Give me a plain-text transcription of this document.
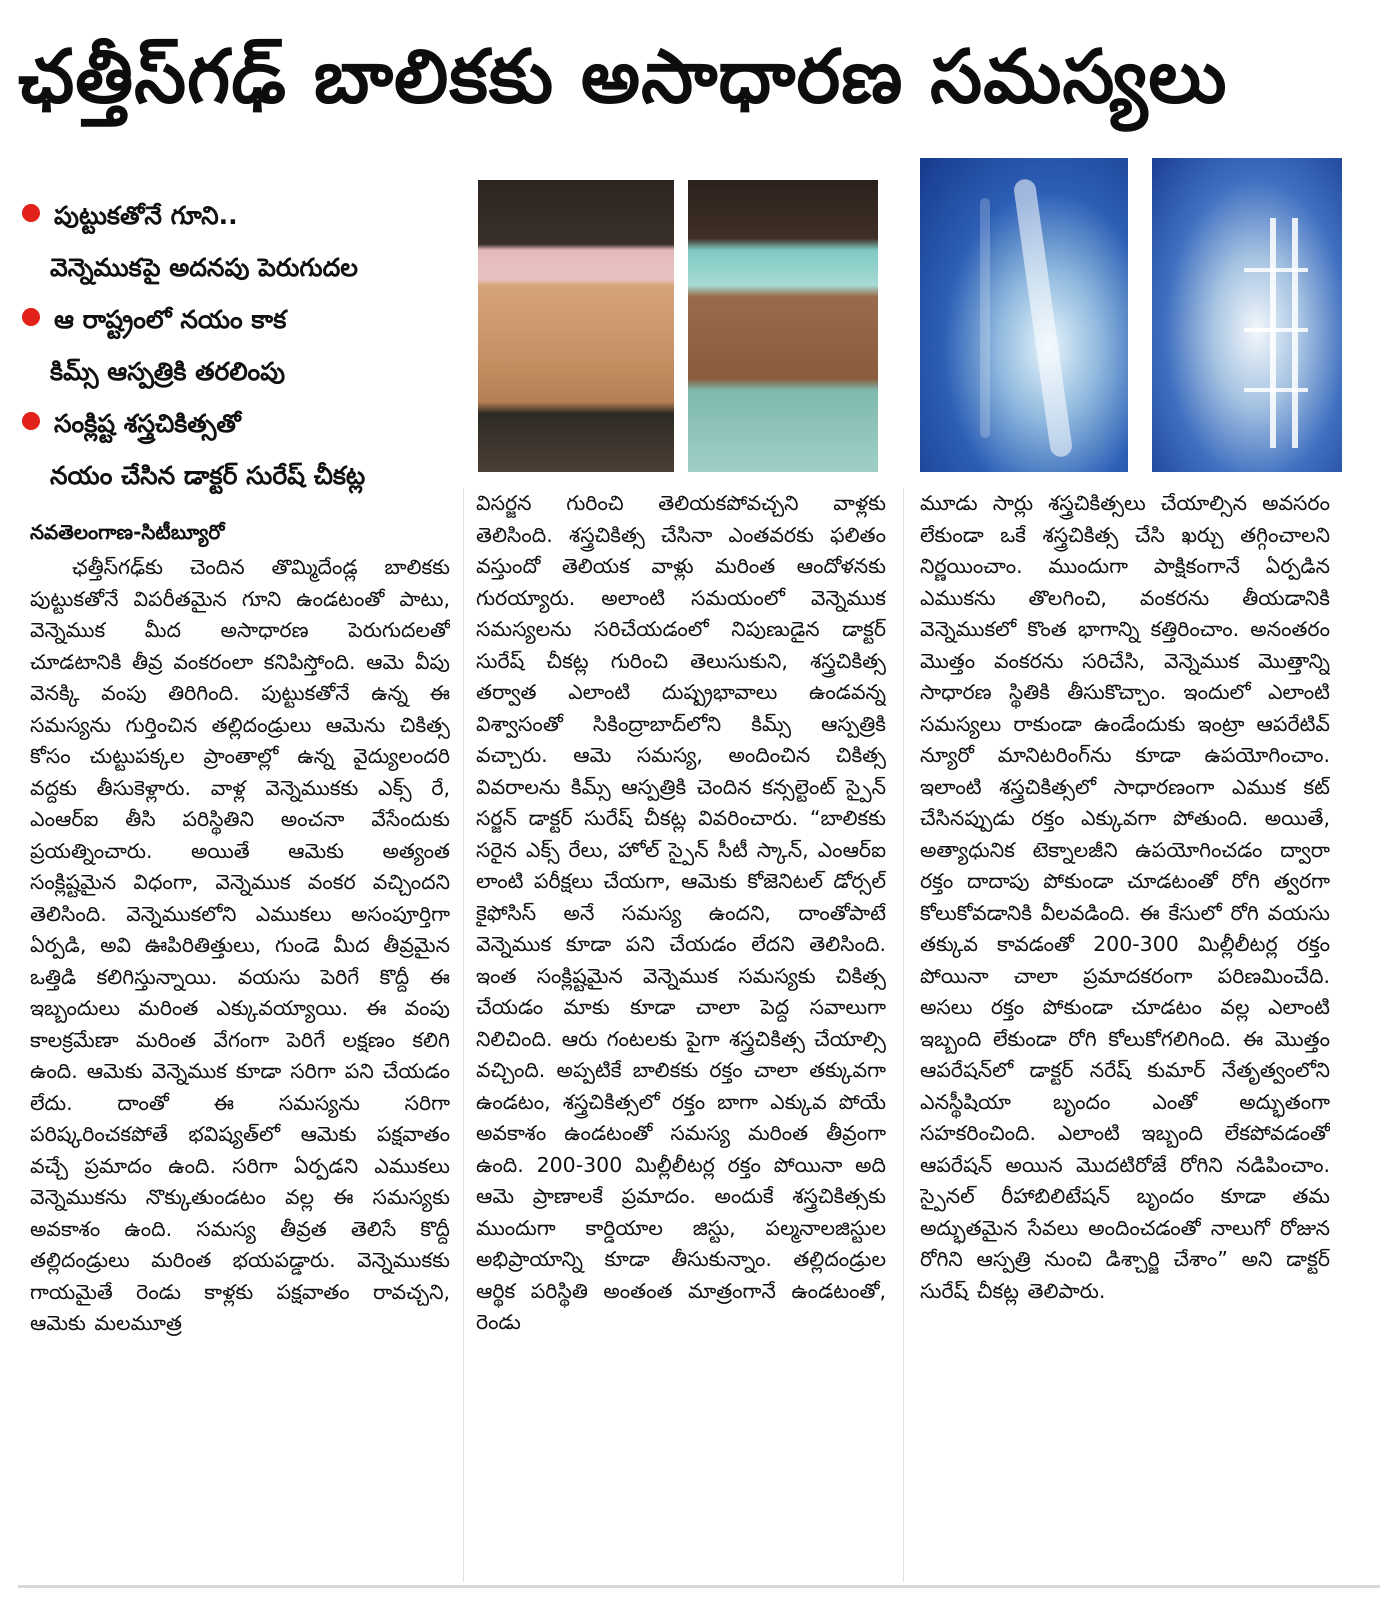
ఛత్తీస్‌గఢ్ బాలికకు అసాధారణ సమస్యలు
పుట్టుకతోనే గూని..
వెన్నెముకపై అదనపు పెరుగుదల
ఆ రాష్ట్రంలో నయం కాక
కిమ్స్ ఆస్పత్రికి తరలింపు
సంక్లిష్ట శస్త్రచికిత్సతో
నయం చేసిన డాక్టర్ సురేష్ చీకట్ల
నవతెలంగాణ-సిటీబ్యూరో
ఛత్తీస్‌గఢ్‌కు చెందిన తొమ్మిదేండ్ల బాలికకు పుట్టుకతోనే విపరీతమైన గూని ఉండటంతో పాటు, వెన్నెముక మీద అసాధారణ పెరుగుదలతో చూడటానికి తీవ్ర వంకరంలా కనిపిస్తోంది. ఆమె వీపు వెనక్కి వంపు తిరిగింది. పుట్టుకతోనే ఉన్న ఈ సమస్యను గుర్తించిన తల్లిదండ్రులు ఆమెను చికిత్స కోసం చుట్టుపక్కల ప్రాంతాల్లో ఉన్న వైద్యులందరి వద్దకు తీసుకెళ్లారు. వాళ్ల వెన్నెముకకు ఎక్స్ రే, ఎంఆర్ఐ తీసి పరిస్థితిని అంచనా వేసేందుకు ప్రయత్నించారు. అయితే ఆమెకు అత్యంత సంక్లిష్టమైన విధంగా, వెన్నెముక వంకర వచ్చిందని తెలిసింది. వెన్నెముకలోని ఎముకలు అసంపూర్తిగా ఏర్పడి, అవి ఊపిరితిత్తులు, గుండె మీద తీవ్రమైన ఒత్తిడి కలిగిస్తున్నాయి. వయసు పెరిగే కొద్దీ ఈ ఇబ్బందులు మరింత ఎక్కువయ్యాయి. ఈ వంపు కాలక్రమేణా మరింత వేగంగా పెరిగే లక్షణం కలిగి ఉంది. ఆమెకు వెన్నెముక కూడా సరిగా పని చేయడం లేదు. దాంతో ఈ సమస్యను సరిగా పరిష్కరించకపోతే భవిష్యత్‌లో ఆమెకు పక్షవాతం వచ్చే ప్రమాదం ఉంది. సరిగా ఏర్పడని ఎముకలు వెన్నెముకను నొక్కుతుండటం వల్ల ఈ సమస్యకు అవకాశం ఉంది. సమస్య తీవ్రత తెలిసే కొద్దీ తల్లిదండ్రులు మరింత భయపడ్డారు. వెన్నెముకకు గాయమైతే రెండు కాళ్లకు పక్షవాతం రావచ్చని, ఆమెకు మలమూత్ర
విసర్జన గురించి తెలియకపోవచ్చని వాళ్లకు తెలిసింది. శస్త్రచికిత్స చేసినా ఎంతవరకు ఫలితం వస్తుందో తెలియక వాళ్లు మరింత ఆందోళనకు గురయ్యారు. అలాంటి సమయంలో వెన్నెముక సమస్యలను సరిచేయడంలో నిపుణుడైన డాక్టర్ సురేష్ చీకట్ల గురించి తెలుసుకుని, శస్త్రచికిత్స తర్వాత ఎలాంటి దుష్ప్రభావాలు ఉండవన్న విశ్వాసంతో సికింద్రాబాద్‌లోని కిమ్స్ ఆస్పత్రికి వచ్చారు. ఆమె సమస్య, అందించిన చికిత్స వివరాలను కిమ్స్ ఆస్పత్రికి చెందిన కన్సల్టెంట్ స్పైన్ సర్జన్ డాక్టర్ సురేష్ చీకట్ల వివరించారు. “బాలికకు సరైన ఎక్స్ రేలు, హోల్ స్పైన్ సీటీ స్కాన్, ఎంఆర్ఐ లాంటి పరీక్షలు చేయగా, ఆమెకు కోజెనిటల్ డోర్సల్ కైఫోసిస్ అనే సమస్య ఉందని, దాంతోపాటే వెన్నెముక కూడా పని చేయడం లేదని తెలిసింది. ఇంత సంక్లిష్టమైన వెన్నెముక సమస్యకు చికిత్స చేయడం మాకు కూడా చాలా పెద్ద సవాలుగా నిలిచింది. ఆరు గంటలకు పైగా శస్త్రచికిత్స చేయాల్సి వచ్చింది. అప్పటికే బాలికకు రక్తం చాలా తక్కువగా ఉండటం, శస్త్రచికిత్సలో రక్తం బాగా ఎక్కువ పోయే అవకాశం ఉండటంతో సమస్య మరింత తీవ్రంగా ఉంది. 200-300 మిల్లీలీటర్ల రక్తం పోయినా అది ఆమె ప్రాణాలకే ప్రమాదం. అందుకే శస్త్రచికిత్సకు ముందుగా కార్డియాల జిస్టు, పల్మనాలజిస్టుల అభిప్రాయాన్ని కూడా తీసుకున్నాం. తల్లిదండ్రుల ఆర్థిక పరిస్థితి అంతంత మాత్రంగానే ఉండటంతో, రెండు
మూడు సార్లు శస్త్రచికిత్సలు చేయాల్సిన అవసరం లేకుండా ఒకే శస్త్రచికిత్స చేసి ఖర్చు తగ్గించాలని నిర్ణయించాం. ముందుగా పాక్షికంగానే ఏర్పడిన ఎముకను తొలగించి, వంకరను తీయడానికి వెన్నెముకలో కొంత భాగాన్ని కత్తిరించాం. అనంతరం మొత్తం వంకరను సరిచేసి, వెన్నెముక మొత్తాన్ని సాధారణ స్థితికి తీసుకొచ్చాం. ఇందులో ఎలాంటి సమస్యలు రాకుండా ఉండేందుకు ఇంట్రా ఆపరేటివ్ న్యూరో మానిటరింగ్‌ను కూడా ఉపయోగించాం. ఇలాంటి శస్త్రచికిత్సలో సాధారణంగా ఎముక కట్ చేసినప్పుడు రక్తం ఎక్కువగా పోతుంది. అయితే, అత్యాధునిక టెక్నాలజీని ఉపయోగించడం ద్వారా రక్తం దాదాపు పోకుండా చూడటంతో రోగి త్వరగా కోలుకోవడానికి వీలవడింది. ఈ కేసులో రోగి వయసు తక్కువ కావడంతో 200-300 మిల్లీలీటర్ల రక్తం పోయినా చాలా ప్రమాదకరంగా పరిణమించేది. అసలు రక్తం పోకుండా చూడటం వల్ల ఎలాంటి ఇబ్బంది లేకుండా రోగి కోలుకోగలిగింది. ఈ మొత్తం ఆపరేషన్‌లో డాక్టర్ నరేష్ కుమార్ నేతృత్వంలోని ఎనస్థీషియా బృందం ఎంతో అద్భుతంగా సహకరించింది. ఎలాంటి ఇబ్బంది లేకపోవడంతో ఆపరేషన్ అయిన మొదటిరోజే రోగిని నడిపించాం. స్పైనల్ రీహాబిలిటేషన్ బృందం కూడా తమ అద్భుతమైన సేవలు అందించడంతో నాలుగో రోజున రోగిని ఆస్పత్రి నుంచి డిశ్చార్జి చేశాం” అని డాక్టర్ సురేష్ చీకట్ల తెలిపారు.
